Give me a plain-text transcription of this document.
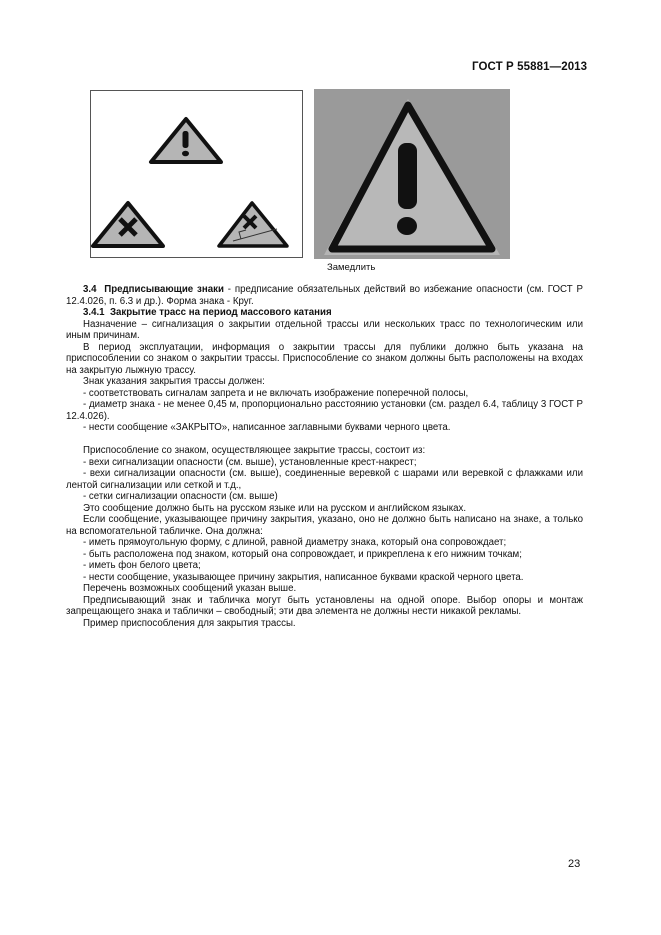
ГОСТ Р 55881—2013
Замедлить

3.4 Предписывающие знаки - предписание обязательных действий во избежание опасности (см. ГОСТ Р 12.4.026, п. 6.3 и др.). Форма знака - Круг.

3.4.1 Закрытие трасс на период массового катания

Назначение – сигнализация о закрытии отдельной трассы или нескольких трасс по технологическим или иным причинам.

В период эксплуатации, информация о закрытии трассы для публики должно быть указана на приспособлении со знаком о закрытии трассы. Приспособление со знаком должны быть расположены на входах на закрытую лыжную трассу.

Знак указания закрытия трассы должен:

- соответствовать сигналам запрета и не включать изображение поперечной полосы,

- диаметр знака - не менее 0,45 м, пропорционально расстоянию установки (см. раздел 6.4, таблицу 3 ГОСТ Р 12.4.026).

- нести сообщение «ЗАКРЫТО», написанное заглавными буквами черного цвета.

Приспособление со знаком, осуществляющее закрытие трассы, состоит из:

- вехи сигнализации опасности (см. выше), установленные крест-накрест;

- вехи сигнализации опасности (см. выше), соединенные веревкой с шарами или веревкой с флажками или лентой сигнализации или сеткой и т.д.,

- сетки сигнализации опасности (см. выше)

Это сообщение должно быть на русском языке или на русском и английском языках.

Если сообщение, указывающее причину закрытия, указано, оно не должно быть написано на знаке, а только на вспомогательной табличке. Она должна:

- иметь прямоугольную форму, с длиной, равной диаметру знака, который она сопровождает;

- быть расположена под знаком, который она сопровождает, и прикреплена к его нижним точкам;

- иметь фон белого цвета;

- нести сообщение, указывающее причину закрытия, написанное буквами краской черного цвета.

Перечень возможных сообщений указан выше.

Предписывающий знак и табличка могут быть установлены на одной опоре. Выбор опоры и монтаж запрещающего знака и таблички – свободный; эти два элемента не должны нести никакой рекламы.

Пример приспособления для закрытия трассы.

23
